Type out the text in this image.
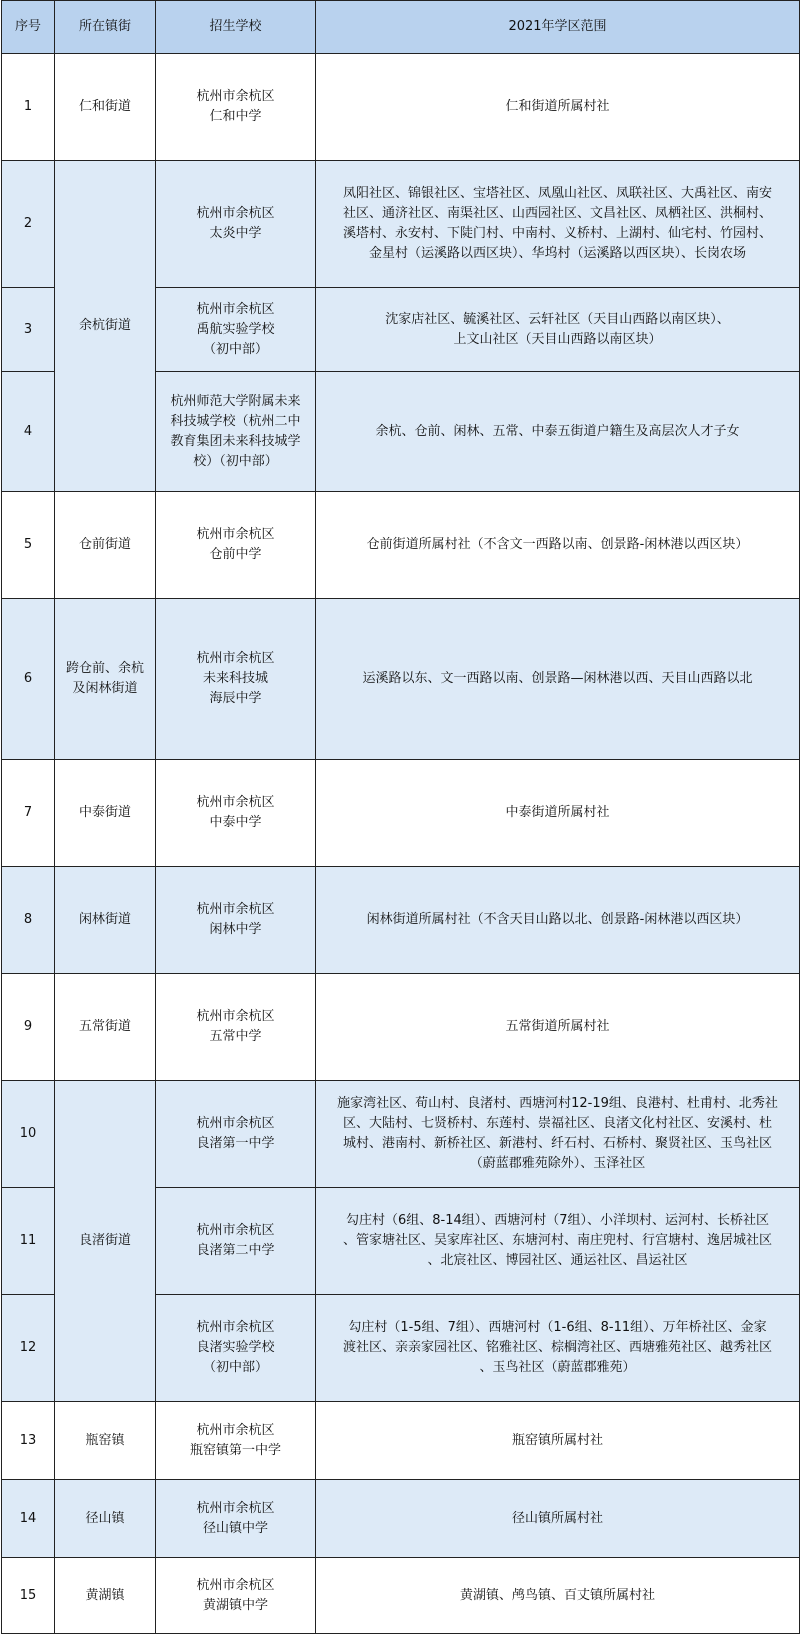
序号	所在镇街	招生学校	2021年学区范围
1	仁和街道	杭州市余杭区
仁和中学	仁和街道所属村社

2	余杭街道	杭州市余杭区
太炎中学	凤阳社区、锦银社区、宝塔社区、凤凰山社区、凤联社区、大禹社区、南安
社区、通济社区、南渠社区、山西园社区、文昌社区、凤栖社区、洪桐村、
溪塔村、永安村、下陡门村、中南村、义桥村、上湖村、仙宅村、竹园村、
金星村（运溪路以西区块）、华坞村（运溪路以西区块）、长岗农场

3		杭州市余杭区
禹航实验学校
（初中部）	沈家店社区、毓溪社区、云轩社区（天目山西路以南区块）、
上文山社区（天目山西路以南区块）

4		杭州师范大学附属未来
科技城学校（杭州二中
教育集团未来科技城学
校）（初中部）	余杭、仓前、闲林、五常、中泰五街道户籍生及高层次人才子女

5	仓前街道	杭州市余杭区
仓前中学	仓前街道所属村社（不含文一西路以南、创景路-闲林港以西区块）

6	跨仓前、余杭及闲林街道	杭州市余杭区
未来科技城
海辰中学	运溪路以东、文一西路以南、创景路—闲林港以西、天目山西路以北

7	中泰街道	杭州市余杭区
中泰中学	中泰街道所属村社

8	闲林街道	杭州市余杭区
闲林中学	闲林街道所属村社（不含天目山路以北、创景路-闲林港以西区块）

9	五常街道	杭州市余杭区
五常中学	五常街道所属村社

10	良渚街道	杭州市余杭区
良渚第一中学	施家湾社区、荀山村、良渚村、西塘河村12-19组、良港村、杜甫村、北秀社
区、大陆村、七贤桥村、东莲村、崇福社区、良渚文化村社区、安溪村、杜
城村、港南村、新桥社区、新港村、纤石村、石桥村、聚贤社区、玉鸟社区
（蔚蓝郡雅苑除外）、玉泽社区

11		杭州市余杭区
良渚第二中学	勾庄村（6组、8-14组）、西塘河村（7组）、小洋坝村、运河村、长桥社区
、管家塘社区、吴家库社区、东塘河村、南庄兜村、行宫塘村、逸居城社区
、北宸社区、博园社区、通运社区、昌运社区

12		杭州市余杭区
良渚实验学校
（初中部）	勾庄村（1-5组、7组）、西塘河村（1-6组、8-11组）、万年桥社区、金家
渡社区、亲亲家园社区、铭雅社区、棕榈湾社区、西塘雅苑社区、越秀社区
、玉鸟社区（蔚蓝郡雅苑）

13	瓶窑镇	杭州市余杭区
瓶窑镇第一中学	瓶窑镇所属村社

14	径山镇	杭州市余杭区
径山镇中学	径山镇所属村社

15	黄湖镇	杭州市余杭区
黄湖镇中学	黄湖镇、鸬鸟镇、百丈镇所属村社
